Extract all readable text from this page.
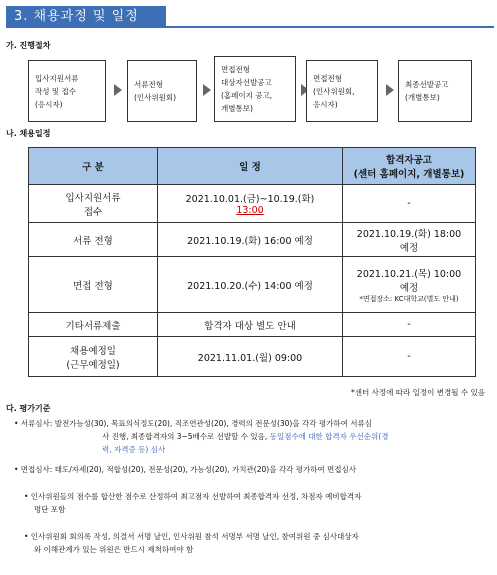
3. 채용과정 및 일정
가. 진행절차
입사지원서류
작성 및 접수
(응시자)
서류전형
(인사위원회)
면접전형
대상자선발공고
(홈페이지 공고,
개별통보)
면접전형
(인사위원회,
응시자)
최종선발공고
(개별통보)
나. 채용일정
구 분	일 정	합격자공고
(센터 홈페이지, 개별통보)
입사지원서류
접수	2021.10.01.(금)~10.19.(화)
13:00	-
서류 전형	2021.10.19.(화) 16:00 예정	2021.10.19.(화) 18:00
예정
면접 전형	2021.10.20.(수) 14:00 예정	2021.10.21.(목) 10:00
예정
*면접장소: KC대학교(별도 안내)

기타서류제출	합격자 대상 별도 안내	-
채용예정일
(근무예정일)	2021.11.01.(월) 09:00	-
*센터 사정에 따라 일정이 변경될 수 있음
다. 평가기준
• 서류심사: 발전가능성(30), 목표의식정도(20), 직조연관성(20), 경력의 전문성(30)을 각각 평가하여 서류심
사 진행, 최종합격자의 3~5배수로 선발할 수 있음, 동일점수에 대한 합격자 우선순위(경
력, 자격증 등) 심사
• 면접심사: 태도/자세(20), 적합성(20), 전문성(20), 가능성(20), 가치관(20)을 각각 평가하여 면접심사
• 인사위원들의 점수를 합산한 점수로 산정하여 최고점자 선발하여 최종합격자 선정, 차점자 예비합격자
명단 포함
• 인사위원회 회의록 작성, 의결서 서명 날인, 인사위원 참석 서명부 서명 날인, 참여위원 중 심사대상자
와 이해관계가 있는 위원은 반드시 제척하여야 함
